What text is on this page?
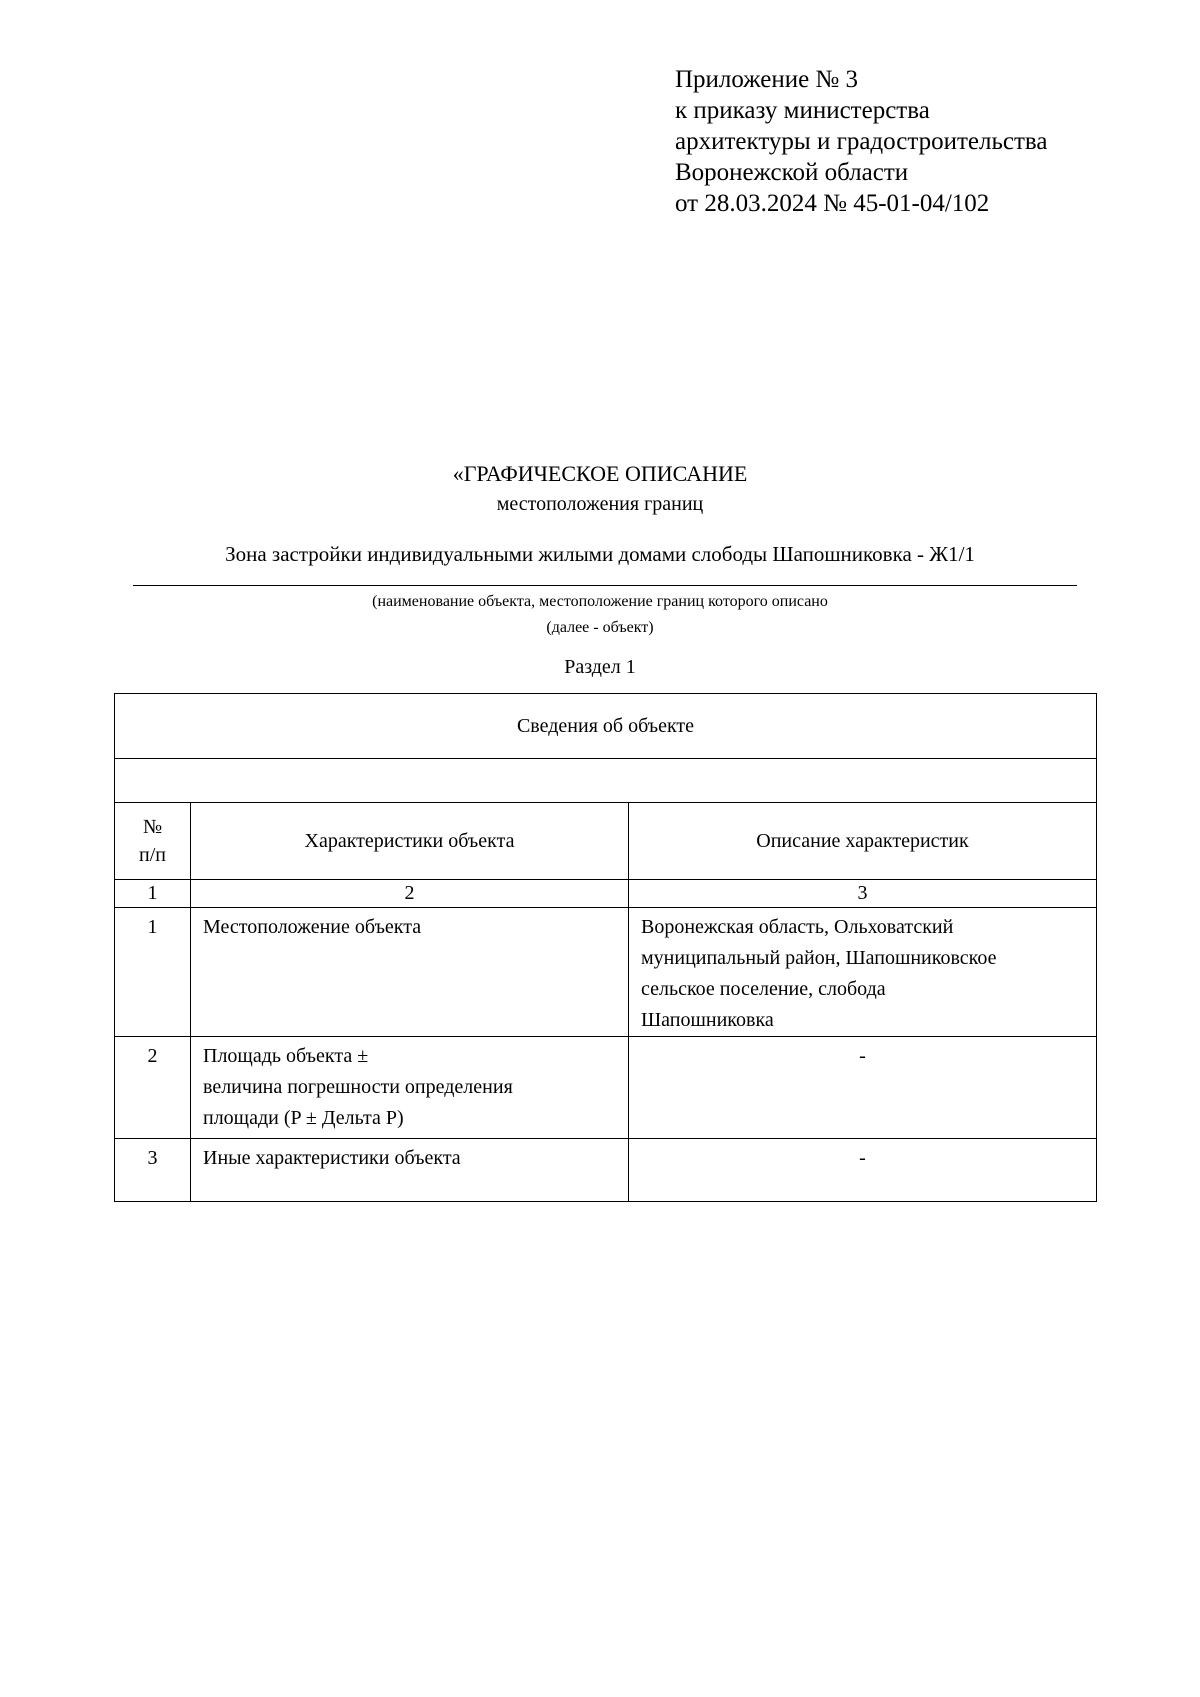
Приложение № 3
к приказу министерства
архитектуры и градостроительства
Воронежской области
от 28.03.2024 № 45-01-04/102
«ГРАФИЧЕСКОЕ ОПИСАНИЕ
местоположения границ
Зона застройки индивидуальными жилыми домами слободы Шапошниковка - Ж1/1
(наименование объекта, местоположение границ которого описано
(далее - объект)
Раздел 1
Сведения об объекте		

№
п/п	Характеристики объекта	Описание характеристик
1	2	3
1	Местоположение объекта	Воронежская область, Ольховатский
муниципальный район, Шапошниковское
сельское поселение, слобода
Шапошниковка

2	Площадь объекта ±
величина погрешности определения
площади (P ± Дельта P)	-

3	Иные характеристики объекта	-
